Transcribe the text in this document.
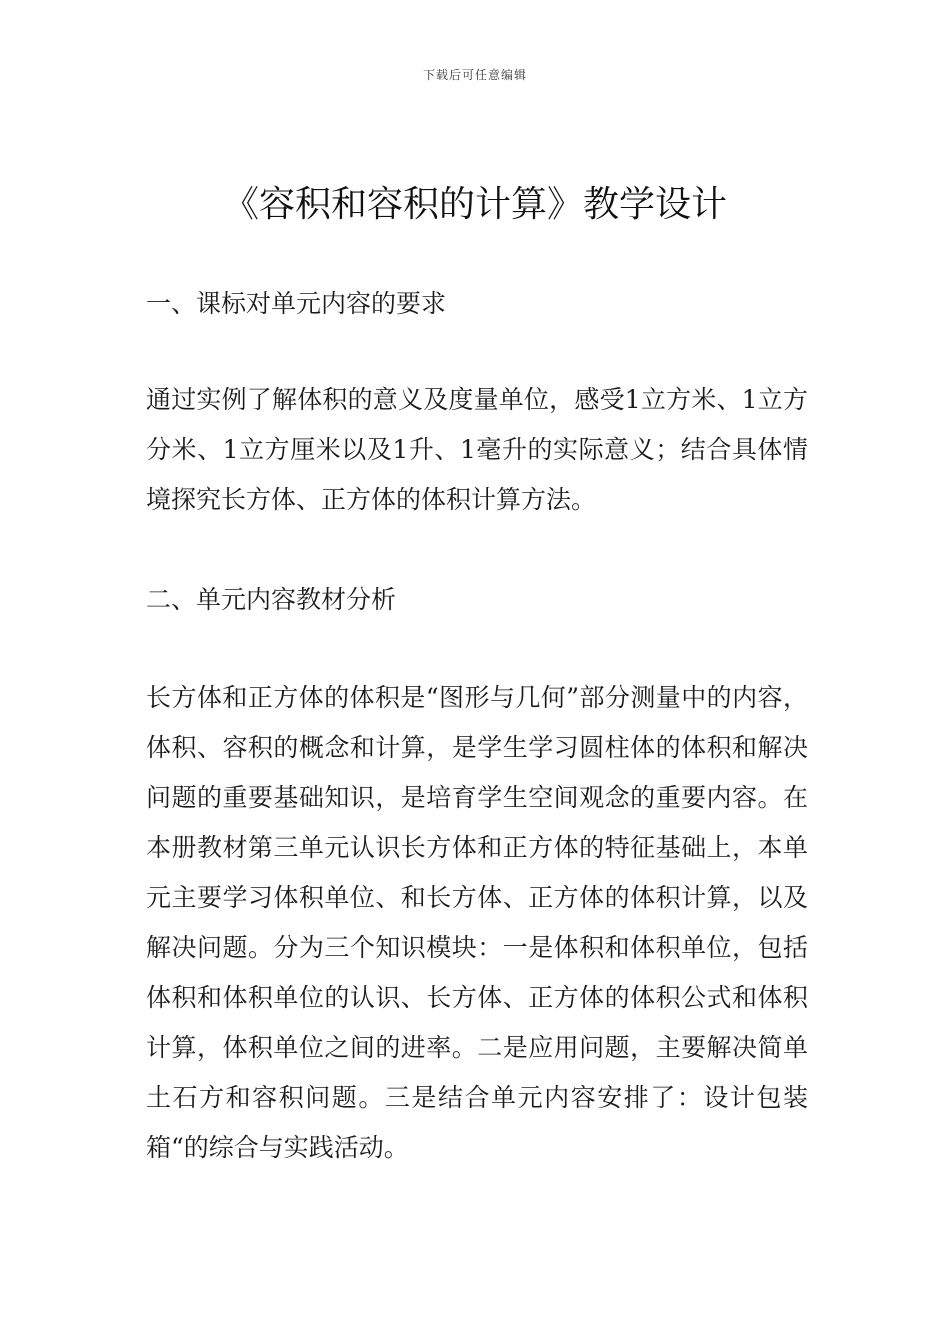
下载后可任意编辑
《容积和容积的计算》教学设计
一、课标对单元内容的要求

通过实例了解体积的意义及度量单位，感受1立方米、1立方分米、1立方厘米以及1升、1毫升的实际意义；结合具体情境探究长方体、正方体的体积计算方法。

二、单元内容教材分析

长方体和正方体的体积是“图形与几何”部分测量中的内容，体积、容积的概念和计算，是学生学习圆柱体的体积和解决问题的重要基础知识，是培育学生空间观念的重要内容。在本册教材第三单元认识长方体和正方体的特征基础上，本单元主要学习体积单位、和长方体、正方体的体积计算，以及解决问题。分为三个知识模块：一是体积和体积单位，包括体积和体积单位的认识、长方体、正方体的体积公式和体积计算，体积单位之间的进率。二是应用问题，主要解决简单土石方和容积问题。三是结合单元内容安排了：设计包装箱“的综合与实践活动。
